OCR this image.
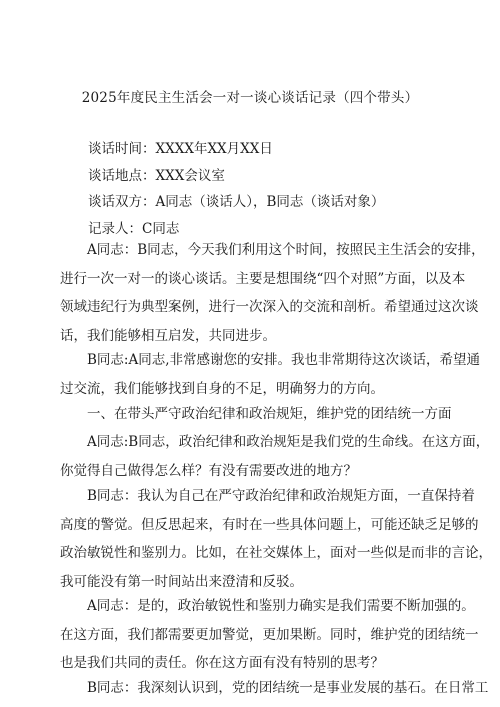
2025年度民主生活会一对一谈心谈话记录（四个带头）
谈话时间：XXXX年XX月XX日
谈话地点：XXX会议室
谈话双方：A同志（谈话人），B同志（谈话对象）
记录人：C同志
A同志：B同志，今天我们利用这个时间，按照民主生活会的安排，
进行一次一对一的谈心谈话。主要是想围绕“四个对照”方面，以及本
领域违纪行为典型案例，进行一次深入的交流和剖析。希望通过这次谈
话，我们能够相互启发，共同进步。
B同志:A同志,非常感谢您的安排。我也非常期待这次谈话，希望通
过交流，我们能够找到自身的不足，明确努力的方向。
一、在带头严守政治纪律和政治规矩，维护党的团结统一方面
A同志:B同志，政治纪律和政治规矩是我们党的生命线。在这方面，
你觉得自己做得怎么样？有没有需要改进的地方？
B同志：我认为自己在严守政治纪律和政治规矩方面，一直保持着
高度的警觉。但反思起来，有时在一些具体问题上，可能还缺乏足够的
政治敏锐性和鉴别力。比如，在社交媒体上，面对一些似是而非的言论，
我可能没有第一时间站出来澄清和反驳。
A同志：是的，政治敏锐性和鉴别力确实是我们需要不断加强的。
在这方面，我们都需要更加警觉，更加果断。同时，维护党的团结统一
也是我们共同的责任。你在这方面有没有特别的思考？
B同志：我深刻认识到，党的团结统一是事业发展的基石。在日常工
